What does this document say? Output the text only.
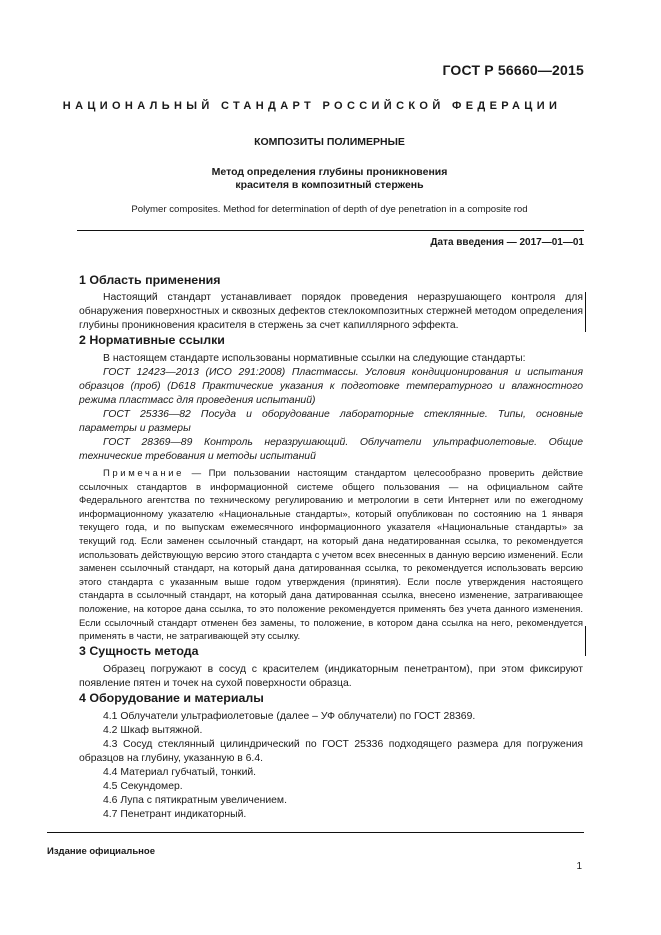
ГОСТ Р 56660—2015
НАЦИОНАЛЬНЫЙ СТАНДАРТ РОССИЙСКОЙ ФЕДЕРАЦИИ
КОМПОЗИТЫ ПОЛИМЕРНЫЕ
Метод определения глубины проникновения
красителя в композитный стержень
Polymer composites. Method for determination of depth of dye penetration in a composite rod
Дата введения — 2017—01—01
1 Область применения

Настоящий стандарт устанавливает порядок проведения неразрушающего контроля для обнаружения поверхностных и сквозных дефектов стеклокомпозитных стержней методом определения глубины проникновения красителя в стержень за счет капиллярного эффекта.

2 Нормативные ссылки

В настоящем стандарте использованы нормативные ссылки на следующие стандарты:

ГОСТ 12423—2013 (ИСО 291:2008) Пластмассы. Условия кондиционирования и испытания образцов (проб) (D618 Практические указания к подготовке температурного и влажностного режима пластмасс для проведения испытаний)

ГОСТ 25336—82 Посуда и оборудование лабораторные стеклянные. Типы, основные параметры и размеры

ГОСТ 28369—89 Контроль неразрушающий. Облучатели ультрафиолетовые. Общие технические требования и методы испытаний

Примечание — При пользовании настоящим стандартом целесообразно проверить действие ссылочных стандартов в информационной системе общего пользования — на официальном сайте Федерального агентства по техническому регулированию и метрологии в сети Интернет или по ежегодному информационному указателю «Национальные стандарты», который опубликован по состоянию на 1 января текущего года, и по выпускам ежемесячного информационного указателя «Национальные стандарты» за текущий год. Если заменен ссылочный стандарт, на который дана недатированная ссылка, то рекомендуется использовать действующую версию этого стандарта с учетом всех внесенных в данную версию изменений. Если заменен ссылочный стандарт, на который дана датированная ссылка, то рекомендуется использовать версию этого стандарта с указанным выше годом утверждения (принятия). Если после утверждения настоящего стандарта в ссылочный стандарт, на который дана датированная ссылка, внесено изменение, затрагивающее положение, на которое дана ссылка, то это положение рекомендуется применять без учета данного изменения. Если ссылочный стандарт отменен без замены, то положение, в котором дана ссылка на него, рекомендуется применять в части, не затрагивающей эту ссылку.

3 Сущность метода

Образец погружают в сосуд с красителем (индикаторным пенетрантом), при этом фиксируют появление пятен и точек на сухой поверхности образца.

4 Оборудование и материалы

4.1 Облучатели ультрафиолетовые (далее – УФ облучатели) по ГОСТ 28369.

4.2 Шкаф вытяжной.

4.3 Сосуд стеклянный цилиндрический по ГОСТ 25336 подходящего размера для погружения образцов на глубину, указанную в 6.4.

4.4 Материал губчатый, тонкий.

4.5 Секундомер.

4.6 Лупа с пятикратным увеличением.

4.7 Пенетрант индикаторный.

Издание официальное
1
